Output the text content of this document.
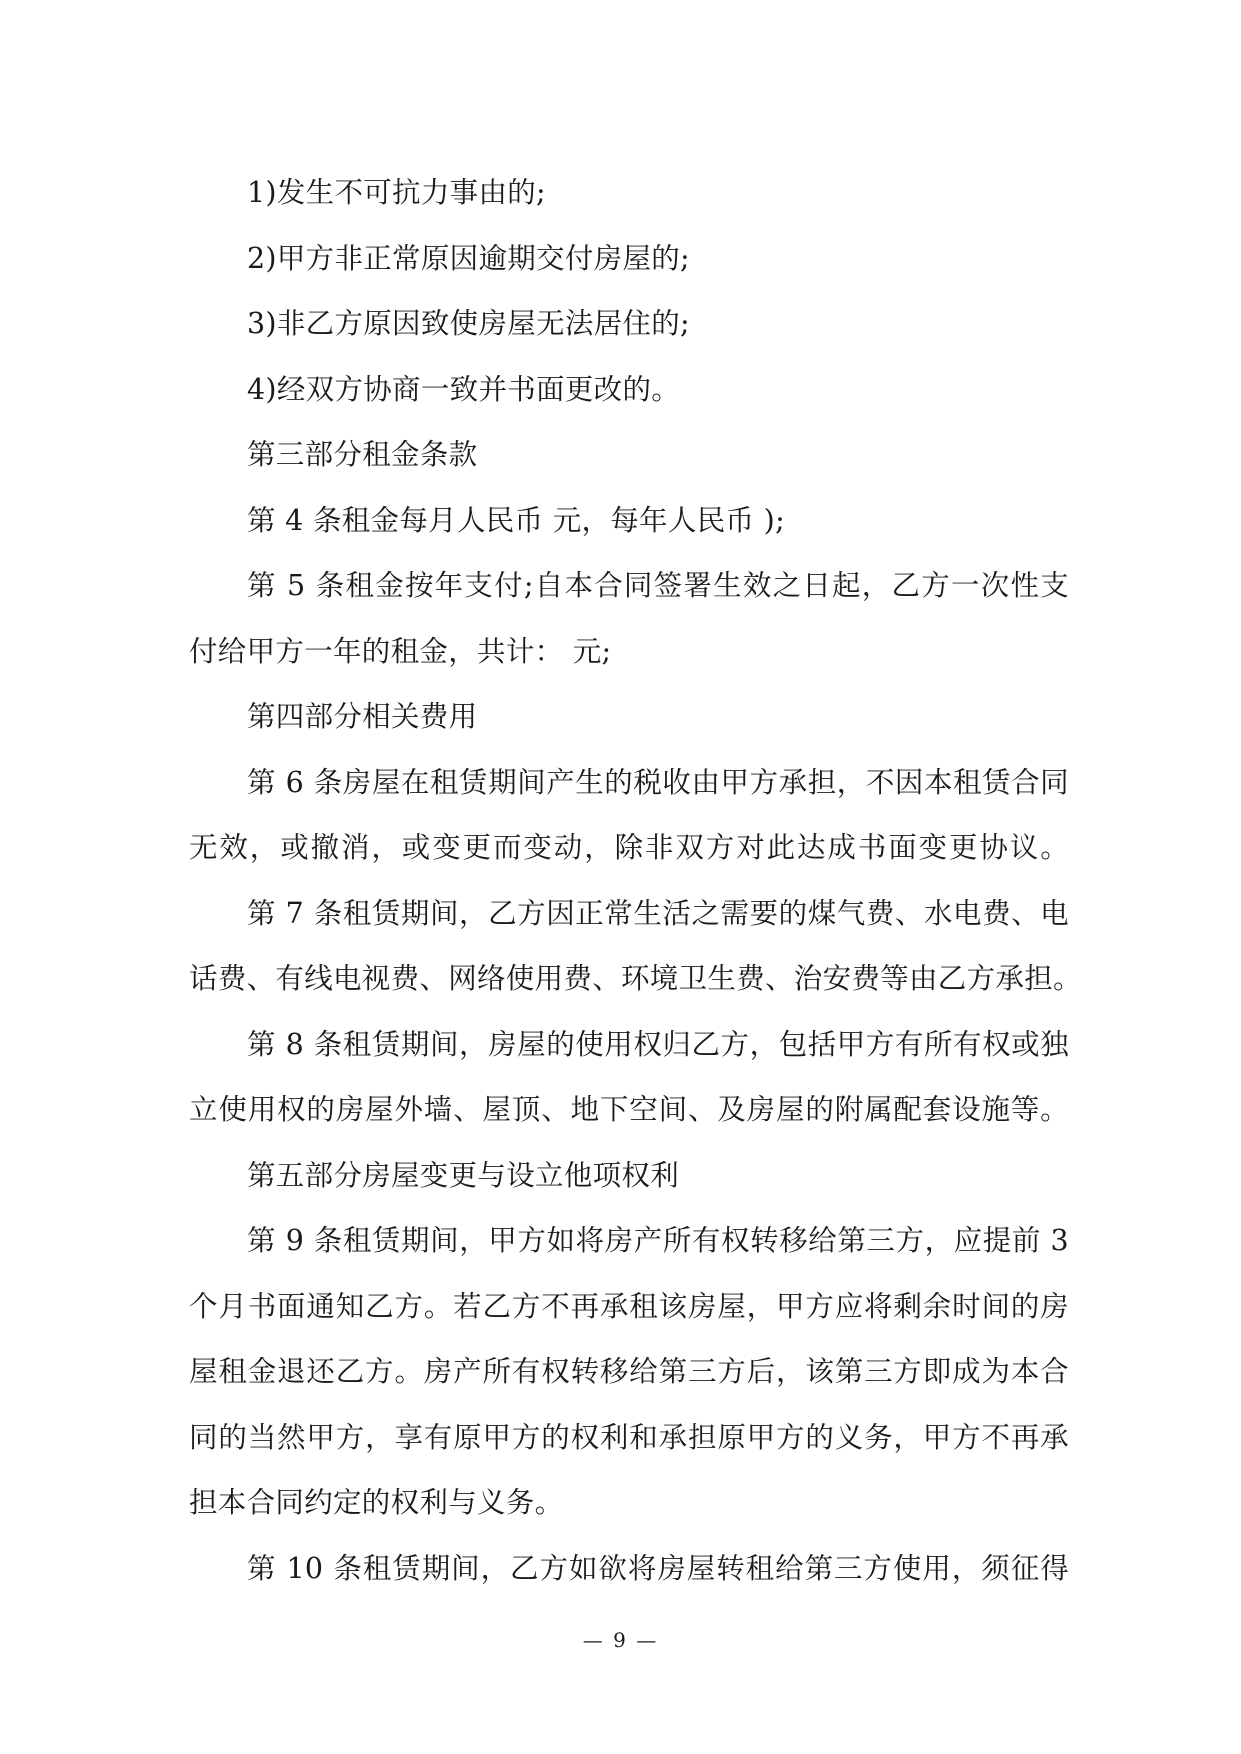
1)发生不可抗力事由的;
2)甲方非正常原因逾期交付房屋的;
3)非乙方原因致使房屋无法居住的;
4)经双方协商一致并书面更改的。
第三部分租金条款
第 4 条租金每月人民币 元，每年人民币 );
第 5 条租金按年支付;自本合同签署生效之日起，乙方一次性支
付给甲方一年的租金，共计： 元;
第四部分相关费用
第 6 条房屋在租赁期间产生的税收由甲方承担，不因本租赁合同
无效，或撤消，或变更而变动，除非双方对此达成书面变更协议。
第 7 条租赁期间，乙方因正常生活之需要的煤气费、水电费、电
话费、有线电视费、网络使用费、环境卫生费、治安费等由乙方承担。
第 8 条租赁期间，房屋的使用权归乙方，包括甲方有所有权或独
立使用权的房屋外墙、屋顶、地下空间、及房屋的附属配套设施等。
第五部分房屋变更与设立他项权利
第 9 条租赁期间，甲方如将房产所有权转移给第三方，应提前 3
个月书面通知乙方。若乙方不再承租该房屋，甲方应将剩余时间的房
屋租金退还乙方。房产所有权转移给第三方后，该第三方即成为本合
同的当然甲方，享有原甲方的权利和承担原甲方的义务，甲方不再承
担本合同约定的权利与义务。
第 10 条租赁期间，乙方如欲将房屋转租给第三方使用，须征得
— 9 —
